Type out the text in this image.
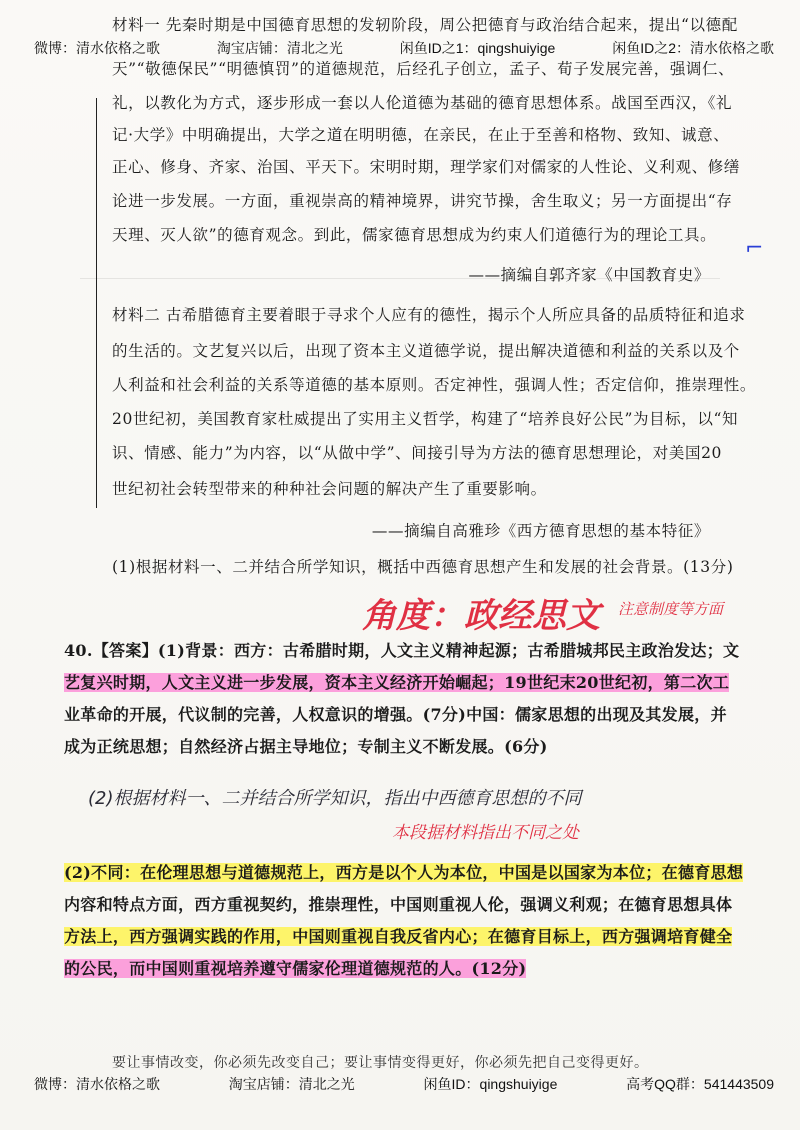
微博：清水依格之歌	淘宝店铺：清北之光	闲鱼ID之1：qingshuiyige	闲鱼ID之2：清水依格之歌
⌐
材料一 先秦时期是中国德育思想的发轫阶段，周公把德育与政治结合起来，提出“以德配
天”“敬德保民”“明德慎罚”的道德规范，后经孔子创立，孟子、荀子发展完善，强调仁、
礼，以教化为方式，逐步形成一套以人伦道德为基础的德育思想体系。战国至西汉，《礼
记·大学》中明确提出，大学之道在明明德，在亲民，在止于至善和格物、致知、诚意、
正心、修身、齐家、治国、平天下。宋明时期，理学家们对儒家的人性论、义利观、修缮
论进一步发展。一方面，重视崇高的精神境界，讲究节操，舍生取义；另一方面提出“存
天理、灭人欲”的德育观念。到此，儒家德育思想成为约束人们道德行为的理论工具。
——摘编自郭齐家《中国教育史》
材料二 古希腊德育主要着眼于寻求个人应有的德性，揭示个人所应具备的品质特征和追求
的生活的。文艺复兴以后，出现了资本主义道德学说，提出解决道德和利益的关系以及个
人利益和社会利益的关系等道德的基本原则。否定神性，强调人性；否定信仰，推崇理性。
20世纪初，美国教育家杜威提出了实用主义哲学，构建了“培养良好公民”为目标，以“知
识、情感、能力”为内容，以“从做中学”、间接引导为方法的德育思想理论，对美国20
世纪初社会转型带来的种种社会问题的解决产生了重要影响。
——摘编自高雅珍《西方德育思想的基本特征》
(1)根据材料一、二并结合所学知识，概括中西德育思想产生和发展的社会背景。(13分)
角度：政经思文 注意制度等方面
40.【答案】(1)背景：西方：古希腊时期，人文主义精神起源；古希腊城邦民主政治发达；文
艺复兴时期，人文主义进一步发展，资本主义经济开始崛起；19世纪末20世纪初，第二次工
业革命的开展，代议制的完善，人权意识的增强。(7分)中国：儒家思想的出现及其发展，并
成为正统思想；自然经济占据主导地位；专制主义不断发展。(6分)
(2)根据材料一、二并结合所学知识，指出中西德育思想的不同
本段据材料指出不同之处
(2)不同：在伦理思想与道德规范上，西方是以个人为本位，中国是以国家为本位；在德育思想
内容和特点方面，西方重视契约，推崇理性，中国则重视人伦，强调义利观；在德育思想具体
方法上，西方强调实践的作用，中国则重视自我反省内心；在德育目标上，西方强调培育健全
的公民，而中国则重视培养遵守儒家伦理道德规范的人。(12分)
要让事情改变，你必须先改变自己；要让事情变得更好，你必须先把自己变得更好。
微博：清水依格之歌	淘宝店铺：清北之光	闲鱼ID：qingshuiyige	高考QQ群：541443509
